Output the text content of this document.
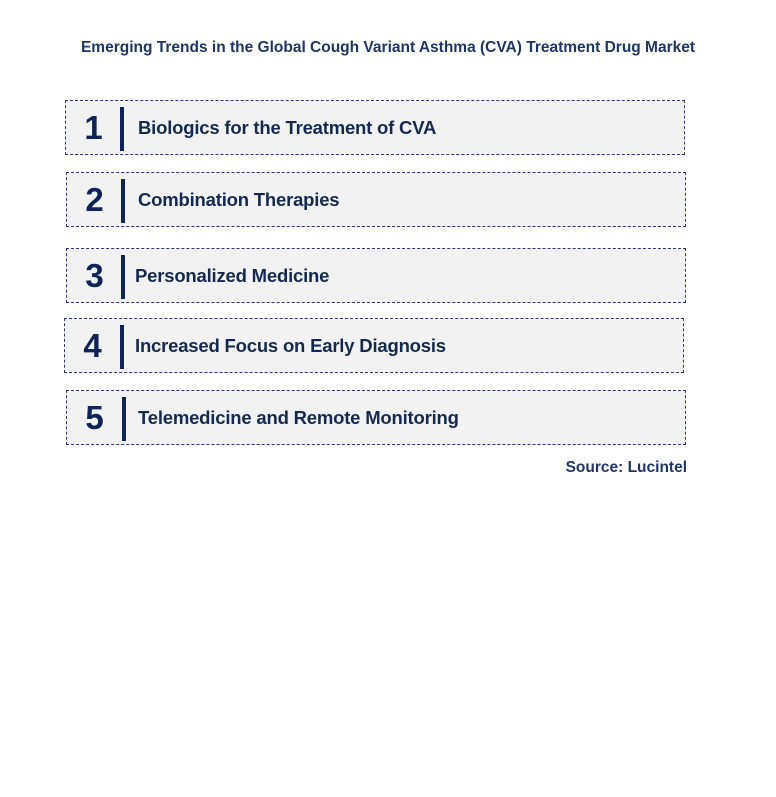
Emerging Trends in the Global Cough Variant Asthma (CVA) Treatment Drug Market
1	Biologics for the Treatment of CVA
2	Combination Therapies
3	Personalized Medicine
4	Increased Focus on Early Diagnosis
5	Telemedicine and Remote Monitoring
Source: Lucintel
